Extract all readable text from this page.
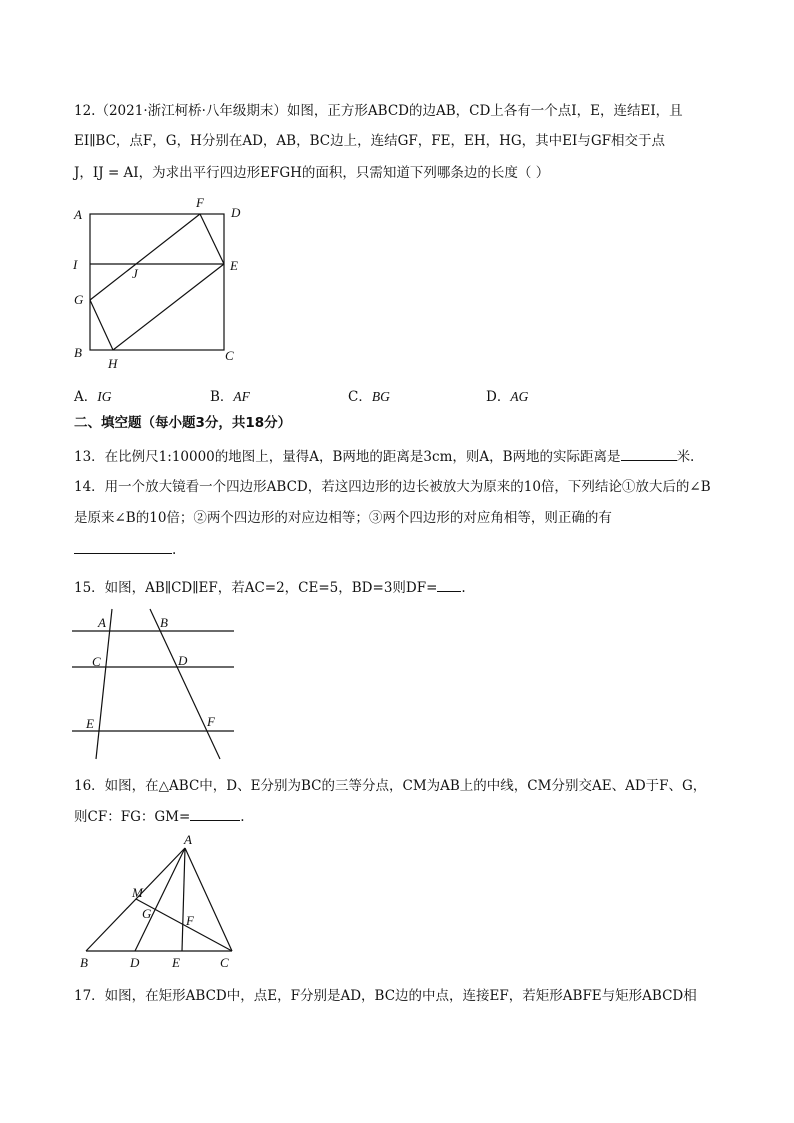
12.（2021·浙江柯桥·八年级期末）如图，正方形ABCD的边AB，CD上各有一个点I，E，连结EI，且
EI∥BC，点F，G，H分别在AD，AB，BC边上，连结GF，FE，EH，HG，其中EI与GF相交于点
J，IJ = AI，为求出平行四边形EFGH的面积，只需知道下列哪条边的长度（ ）
A
F
D
I
J
E
G
B
H
C
A．IG	B．AF	C．BG	D．AG
二、填空题（每小题3分，共18分）
13．在比例尺1:10000的地图上，量得A，B两地的距离是3cm，则A，B两地的实际距离是	米.
14．用一个放大镜看一个四边形ABCD，若这四边形的边长被放大为原来的10倍，下列结论①放大后的∠B
是原来∠B的10倍；②两个四边形的对应边相等；③两个四边形的对应角相等，则正确的有
.
15．如图，AB∥CD∥EF，若AC=2，CE=5，BD=3则DF= .
A	B
C	D
E	F
16．如图，在△ABC中，D、E分别为BC的三等分点，CM为AB上的中线，CM分别交AE、AD于F、G，
则CF：FG：GM=	.
A
M
G	F
B	D	E	C
17．如图，在矩形ABCD中，点E，F分别是AD，BC边的中点，连接EF，若矩形ABFE与矩形ABCD相
